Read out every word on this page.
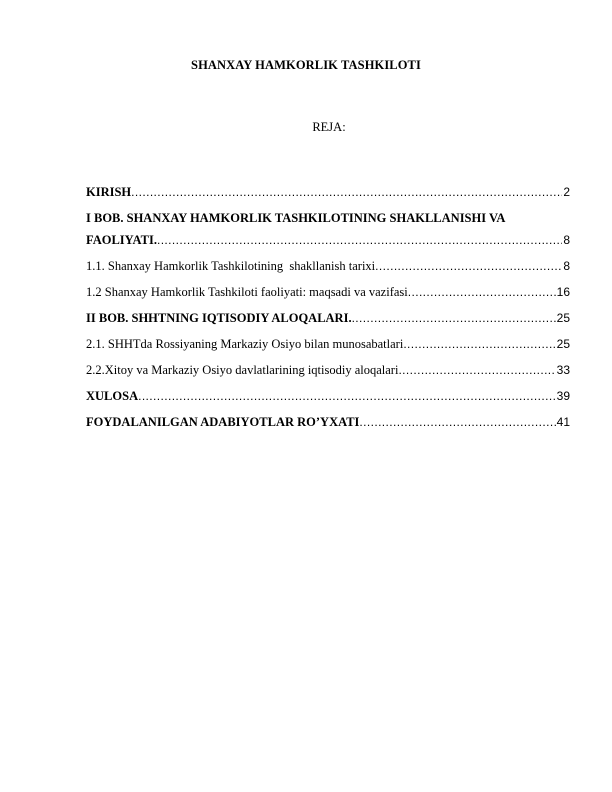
SHANXAY HAMKORLIK TASHKILOTI
REJA:
KIRISH .....	2
I BOB. SHANXAY HAMKORLIK TASHKILOTINING SHAKLLANISHI VA
FAOLIYATI. .....	8
1.1. Shanxay Hamkorlik Tashkilotining  shakllanish tarixi .....	8
1.2 Shanxay Hamkorlik Tashkiloti faoliyati: maqsadi va vazifasi .....	16
II BOB. SHHTNING IQTISODIY ALOQALARI. .....	25
2.1. SHHTda Rossiyaning Markaziy Osiyo bilan munosabatlari .....	25
2.2.Xitoy va Markaziy Osiyo davlatlarining iqtisodiy aloqalari .....	33
XULOSA .....	39
FOYDALANILGAN ADABIYOTLAR RO’YXATI .....	41
